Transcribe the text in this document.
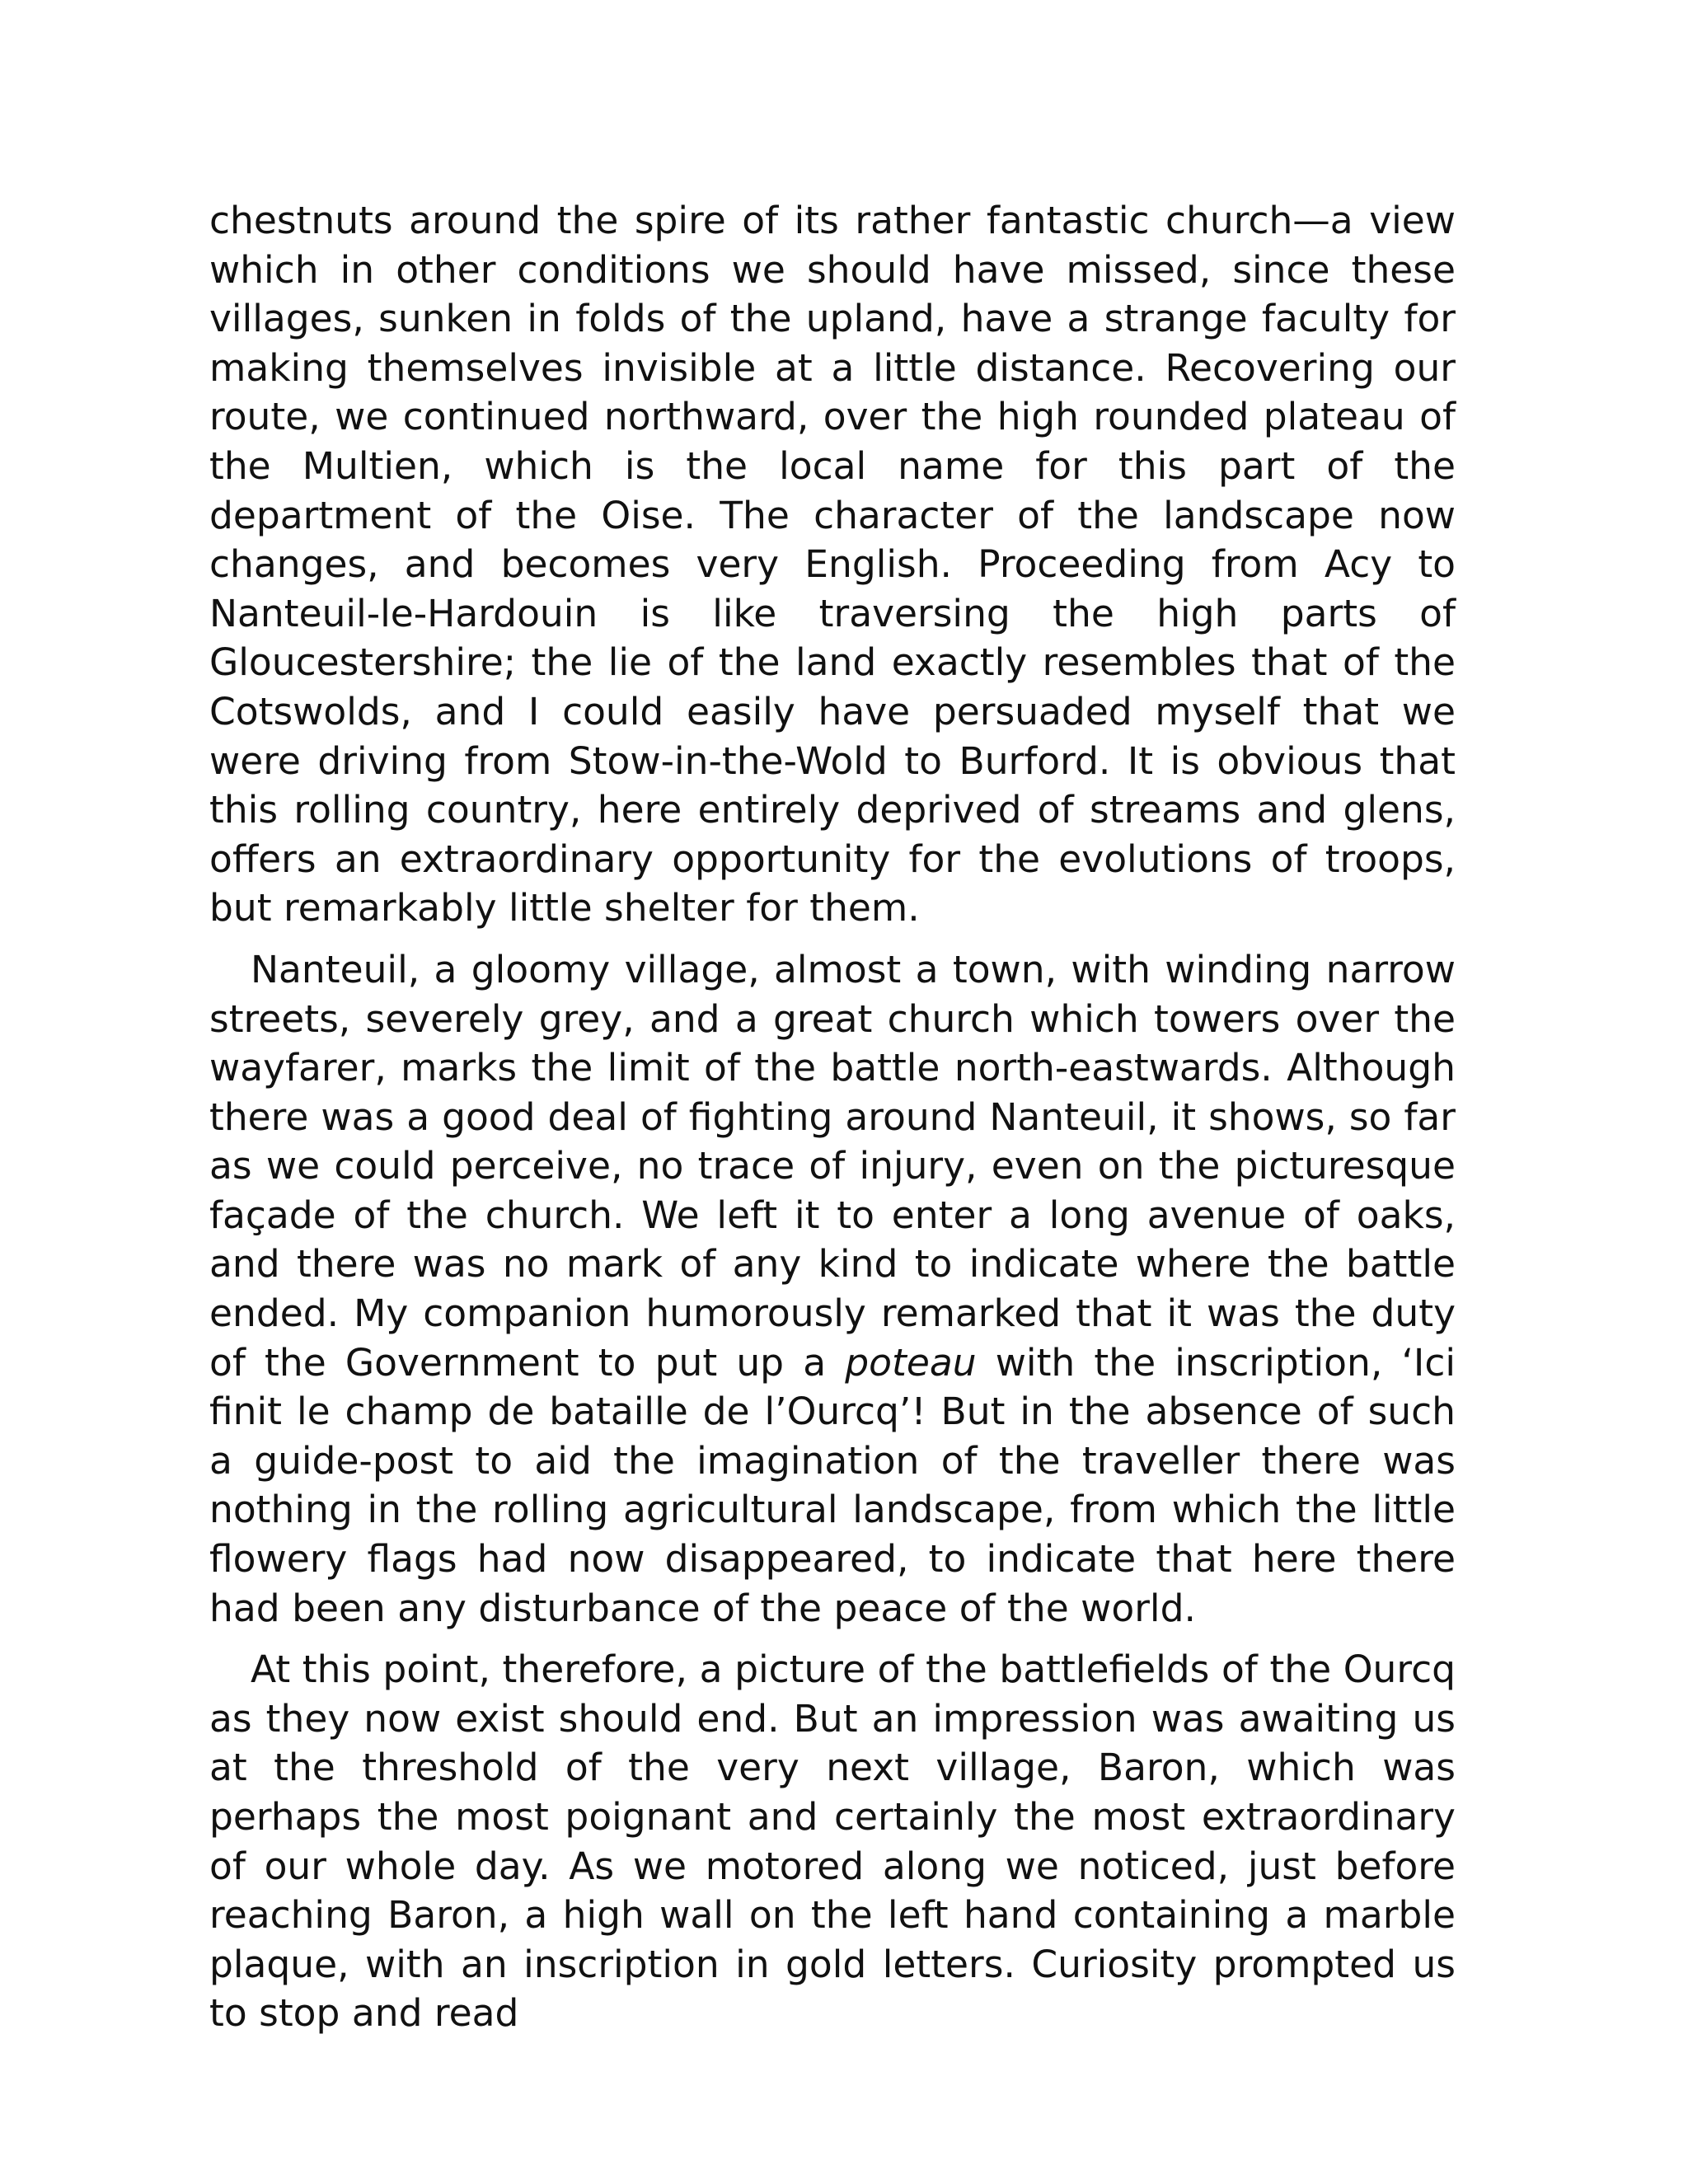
chestnuts around the spire of its rather fantastic church—a view which in other conditions we should have missed, since these villages, sunken in folds of the upland, have a strange faculty for making themselves invisible at a little distance. Recovering our route, we continued northward, over the high rounded plateau of the Multien, which is the local name for this part of the department of the Oise. The character of the landscape now changes, and becomes very English. Proceeding from Acy to Nanteuil-le-Hardouin is like traversing the high parts of Gloucestershire; the lie of the land exactly resembles that of the Cotswolds, and I could easily have persuaded myself that we were driving from Stow-in-the-Wold to Burford. It is obvious that this rolling country, here entirely deprived of streams and glens, offers an extraordinary opportunity for the evolutions of troops, but remarkably little shelter for them.

Nanteuil, a gloomy village, almost a town, with winding narrow streets, severely grey, and a great church which towers over the wayfarer, marks the limit of the battle north-eastwards. Although there was a good deal of fighting around Nanteuil, it shows, so far as we could perceive, no trace of injury, even on the picturesque façade of the church. We left it to enter a long avenue of oaks, and there was no mark of any kind to indicate where the battle ended. My companion humorously remarked that it was the duty of the Government to put up a poteau with the inscription, ‘Ici finit le champ de bataille de l’Ourcq’! But in the absence of such a guide-post to aid the imagination of the traveller there was nothing in the rolling agricultural landscape, from which the little flowery flags had now disappeared, to indicate that here there had been any disturbance of the peace of the world.

At this point, therefore, a picture of the battlefields of the Ourcq as they now exist should end. But an impression was awaiting us at the threshold of the very next village, Baron, which was perhaps the most poignant and certainly the most extraordinary of our whole day. As we motored along we noticed, just before reaching Baron, a high wall on the left hand containing a marble plaque, with an inscription in gold letters. Curiosity prompted us to stop and read
